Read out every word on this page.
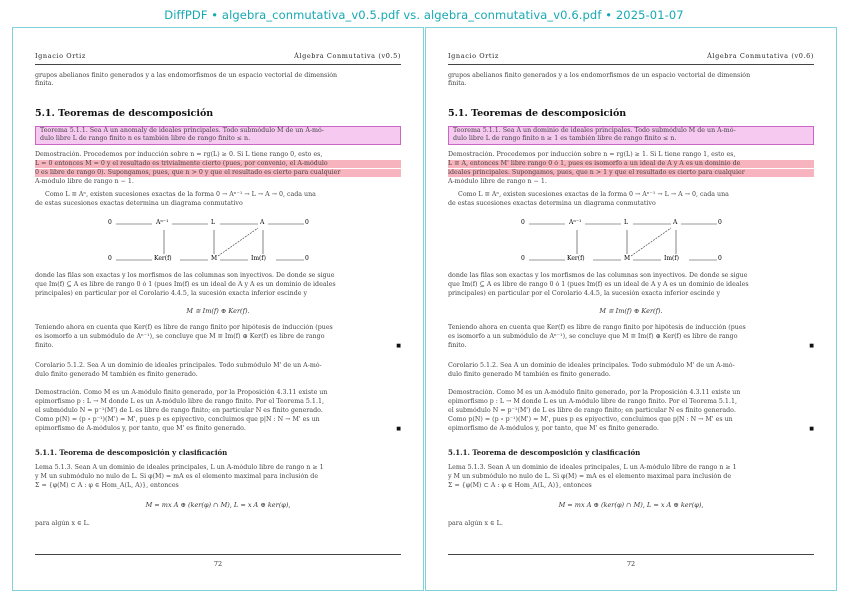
DiffPDF • algebra_conmutativa_v0.5.pdf vs. algebra_conmutativa_v0.6.pdf • 2025-01-07
Ignacio Ortiz	Álgebra Conmutativa (v0.5)
grupos abelianos finito generados y a las endomorfismos de un espacio vectorial de dimensión
finita.
5.1. Teoremas de descomposición
Teorema 5.1.1. Sea A un anomaly de ideales principales. Todo submódulo M de un A-mó-
dulo libre L de rango finito n es también libre de rango finito ≤ n.
Demostración. Procedemos por inducción sobre n = rg(L) ≥ 0. Si L tiene rango 0, esto es,
L = 0 entonces M = 0 y el resultado es trivialmente cierto (pues, por convenio, el A-módulo
0 es libre de rango 0). Supongamos, pues, que n > 0 y que el resultado es cierto para cualquier
A-módulo libre de rango n − 1.
Como L ≅ Aⁿ, existen sucesiones exactas de la forma 0 → Aⁿ⁻¹ → L → A → 0, cada una
de estas sucesiones exactas determina un diagrama conmutativo
0	Aⁿ⁻¹	L	A	0
0	Ker(f)	M	Im(f)	0
donde las filas son exactas y los morfismos de las columnas son inyectivos. De donde se sigue
que Im(f) ⊆ A es libre de rango 0 ó 1 (pues Im(f) es un ideal de A y A es un dominio de ideales
principales) en particular por el Corolario 4.4.5, la sucesión exacta inferior escinde y
M ≅ Im(f) ⊕ Ker(f).
Teniendo ahora en cuenta que Ker(f) es libre de rango finito por hipótesis de inducción (pues
es isomorfo a un submódulo de Aⁿ⁻¹), se concluye que M ≅ Im(f) ⊕ Ker(f) es libre de rango
finito.	■
Corolario 5.1.2. Sea A un dominio de ideales principales. Todo submódulo M' de un A-mó-
dulo finito generado M también es finito generado.
Demostración. Como M es un A-módulo finito generado, por la Proposición 4.3.11 existe un
epimorfismo p : L → M donde L es un A-módulo libre de rango finito. Por el Teorema 5.1.1,
el submódulo N = p⁻¹(M') de L es libre de rango finito; en particular N es finito generado.
Como p(N) = (p ∘ p⁻¹)(M') = M', pues p es epiyectivo, concluimos que p|N : N → M' es un
epimorfismo de A-módulos y, por tanto, que M' es finito generado.	■
5.1.1. Teorema de descomposición y clasificación
Lema 5.1.3. Sean A un dominio de ideales principales, L un A-módulo libre de rango n ≥ 1
y M un submódulo no nulo de L. Si φ(M) = mA es el elemento maximal para inclusión de
Σ = {φ(M) ⊂ A : φ ∈ Hom_A(L, A)}, entonces
M = mx A ⊕ (ker(φ) ∩ M), L = x A ⊕ ker(φ),
para algún x ∈ L.
72
Ignacio Ortiz	Álgebra Conmutativa (v0.6)
grupos abelianos finito generados y a los endomorfismos de un espacio vectorial de dimensión
finita.
5.1. Teoremas de descomposición
Teorema 5.1.1. Sea A un dominio de ideales principales. Todo submódulo M de un A-mó-
dulo libre L de rango finito n ≥ 1 es también libre de rango finito ≤ n.
Demostración. Procedemos por inducción sobre n = rg(L) ≥ 1. Si L tiene rango 1, esto es,
L ≅ A, entonces M' libre rango 0 ó 1, pues es isomorfo a un ideal de A y A es un dominio de
ideales principales. Supongamos, pues, que n > 1 y que el resultado es cierto para cualquier
A-módulo libre de rango n − 1.
Como L ≅ Aⁿ, existen sucesiones exactas de la forma 0 → Aⁿ⁻¹ → L → A → 0, cada una
de estas sucesiones exactas determina un diagrama conmutativo
0	Aⁿ⁻¹	L	A	0
0	Ker(f)	M	Im(f)	0
donde las filas son exactas y los morfismos de las columnas son inyectivos. De donde se sigue
que Im(f) ⊆ A es libre de rango 0 ó 1 (pues Im(f) es un ideal de A y A es un dominio de ideales
principales) en particular por el Corolario 4.4.5, la sucesión exacta inferior escinde y
M ≅ Im(f) ⊕ Ker(f).
Teniendo ahora en cuenta que Ker(f) es libre de rango finito por hipótesis de inducción (pues
es isomorfo a un submódulo de Aⁿ⁻¹), se concluye que M ≅ Im(f) ⊕ Ker(f) es libre de rango
finito.	■
Corolario 5.1.2. Sea A un dominio de ideales principales. Todo submódulo M' de un A-mó-
dulo finito generado M también es finito generado.
Demostración. Como M es un A-módulo finito generado, por la Proposición 4.3.11 existe un
epimorfismo p : L → M donde L es un A-módulo libre de rango finito. Por el Teorema 5.1.1,
el submódulo N = p⁻¹(M') de L es libre de rango finito; en particular N es finito generado.
Como p(N) = (p ∘ p⁻¹)(M') = M', pues p es epiyectivo, concluimos que p|N : N → M' es un
epimorfismo de A-módulos y, por tanto, que M' es finito generado.	■
5.1.1. Teorema de descomposición y clasificación
Lema 5.1.3. Sean A un dominio de ideales principales, L un A-módulo libre de rango n ≥ 1
y M un submódulo no nulo de L. Si φ(M) = mA es el elemento maximal para inclusión de
Σ = {φ(M) ⊂ A : φ ∈ Hom_A(L, A)}, entonces
M = mx A ⊕ (ker(φ) ∩ M), L = x A ⊕ ker(φ),
para algún x ∈ L.
72
